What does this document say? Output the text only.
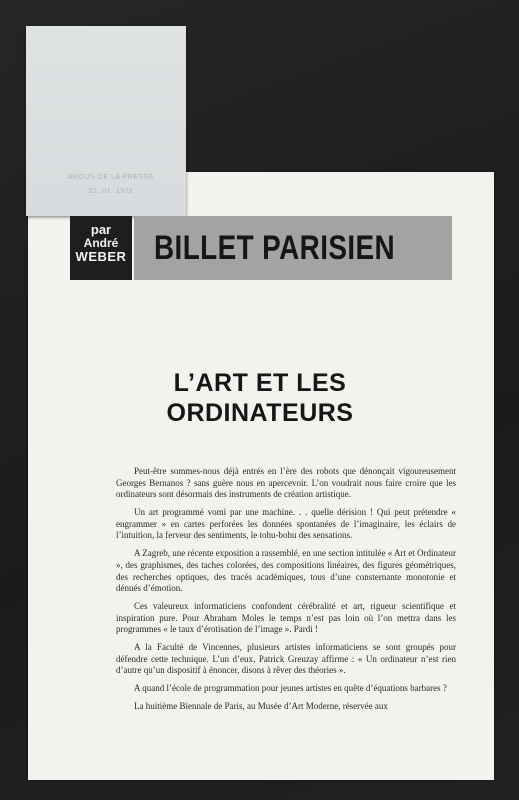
ARGUS DE LA PRESSE
21. 01. 1972
par
André
WEBER BILLET PARISIEN
L’ART ET LES
ORDINATEURS

Peut-être sommes-nous déjà entrés en l’ère des robots que dénonçait vigoureusement Georges Bernanos ? sans guère nous en apercevoir. L’on voudrait nous faire croire que les ordinateurs sont désormais des instruments de création artistique.

Un art programmé vomi par une machine. . . quelle dérision ! Qui peut prétendre « engrammer » en cartes perforées les données spontanées de l’imaginaire, les éclairs de l’intuition, la ferveur des sentiments, le tohu-bohu des sensations.

A Zagreb, une récente exposition a rassemblé, en une section intitulée « Art et Ordinateur », des graphismes, des taches colorées, des compositions linéaires, des figures géométriques, des recherches optiques, des tracés académiques, tous d’une consternante monotonie et dénués d’émotion.

Ces valeureux informaticiens confondent cérébralité et art, rigueur scientifique et inspiration pure. Pour Abraham Moles le temps n’est pas loin où l’on mettra dans les programmes « le taux d’érotisation de l’image ». Pardi !

A la Faculté de Vincennes, plusieurs artistes informaticiens se sont groupés pour défendre cette technique. L’un d’eux, Patrick Greuzay affirme : « Un ordinateur n’est rien d’autre qu’un dispositif à énoncer, disons à rêver des théories ».

A quand l’école de programmation pour jeunes artistes en quête d’équations barbares ?

La huitième Biennale de Paris, au Musée d’Art Moderne, réservée aux
